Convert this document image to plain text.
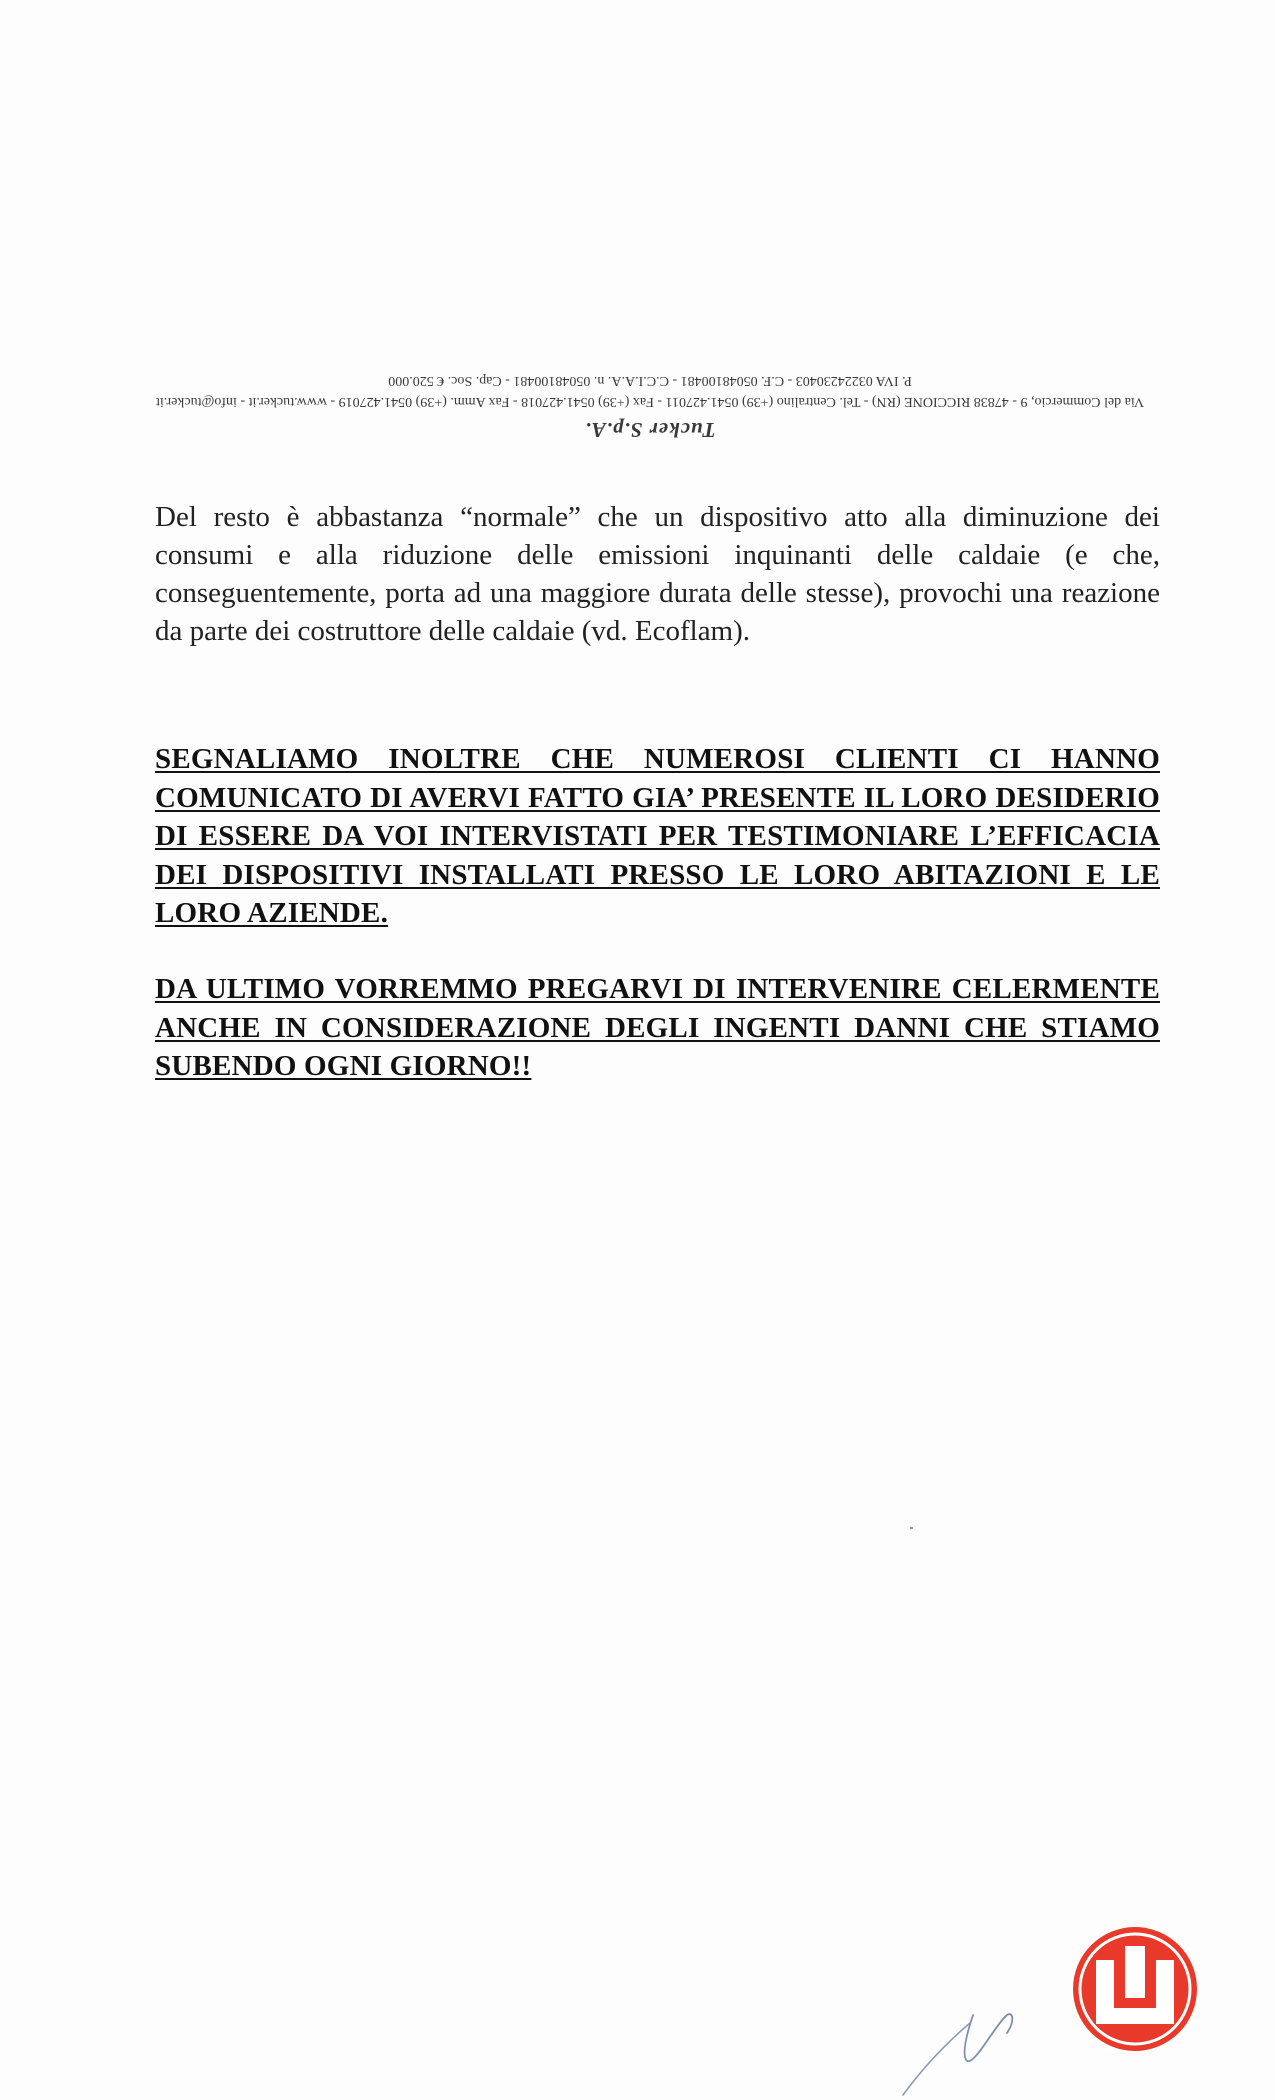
Tucker S.p.A.
Via del Commercio, 9 - 47838 RICCIONE (RN) - Tel. Centralino (+39) 0541.427011 - Fax (+39) 0541.427018 - Fax Amm. (+39) 0541.427019 - www.tucker.it - info@tucker.it
P. IVA 03224230403 - C.F. 05048100481 - C.C.I.A.A. n. 05048100481 - Cap. Soc. € 520.000
Del resto è abbastanza “normale” che un dispositivo atto alla diminuzione dei consumi e alla riduzione delle emissioni inquinanti delle caldaie (e che, conseguentemente, porta ad una maggiore durata delle stesse), provochi una reazione da parte dei costruttore delle caldaie (vd. Ecoflam).
SEGNALIAMO INOLTRE CHE NUMEROSI CLIENTI CI HANNO COMUNICATO DI AVERVI FATTO GIA’ PRESENTE IL LORO DESIDERIO DI ESSERE DA VOI INTERVISTATI PER TESTIMONIARE L’EFFICACIA DEI DISPOSITIVI INSTALLATI PRESSO LE LORO ABITAZIONI E LE LORO AZIENDE.
DA ULTIMO VORREMMO PREGARVI DI INTERVENIRE CELERMENTE ANCHE IN CONSIDERAZIONE DEGLI INGENTI DANNI CHE STIAMO SUBENDO OGNI GIORNO!!
